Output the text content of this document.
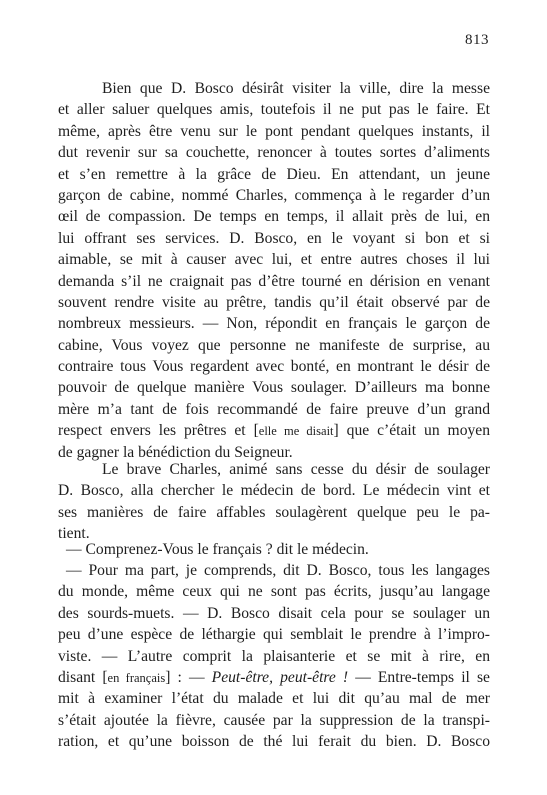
813
Bien que D. Bosco désirât visiter la ville, dire la messe
et aller saluer quelques amis, toutefois il ne put pas le faire. Et
même, après être venu sur le pont pendant quelques instants, il
dut revenir sur sa couchette, renoncer à toutes sortes d’aliments
et s’en remettre à la grâce de Dieu. En attendant, un jeune
garçon de cabine, nommé Charles, commença à le regarder d’un
œil de compassion. De temps en temps, il allait près de lui, en
lui offrant ses services. D. Bosco, en le voyant si bon et si
aimable, se mit à causer avec lui, et entre autres choses il lui
demanda s’il ne craignait pas d’être tourné en dérision en venant
souvent rendre visite au prêtre, tandis qu’il était observé par de
nombreux messieurs. — Non, répondit en français le garçon de
cabine, Vous voyez que personne ne manifeste de surprise, au
contraire tous Vous regardent avec bonté, en montrant le désir de
pouvoir de quelque manière Vous soulager. D’ailleurs ma bonne
mère m’a tant de fois recommandé de faire preuve d’un grand
respect envers les prêtres et [elle me disait] que c’était un moyen
de gagner la bénédiction du Seigneur.
Le brave Charles, animé sans cesse du désir de soulager
D. Bosco, alla chercher le médecin de bord. Le médecin vint et
ses manières de faire affables soulagèrent quelque peu le pa-
tient.
— Comprenez-Vous le français ? dit le médecin.
— Pour ma part, je comprends, dit D. Bosco, tous les langages
du monde, même ceux qui ne sont pas écrits, jusqu’au langage
des sourds-muets. — D. Bosco disait cela pour se soulager un
peu d’une espèce de léthargie qui semblait le prendre à l’impro-
viste. — L’autre comprit la plaisanterie et se mit à rire, en
disant [en français] : — Peut-être, peut-être ! — Entre-temps il se
mit à examiner l’état du malade et lui dit qu’au mal de mer
s’était ajoutée la fièvre, causée par la suppression de la transpi-
ration, et qu’une boisson de thé lui ferait du bien. D. Bosco
